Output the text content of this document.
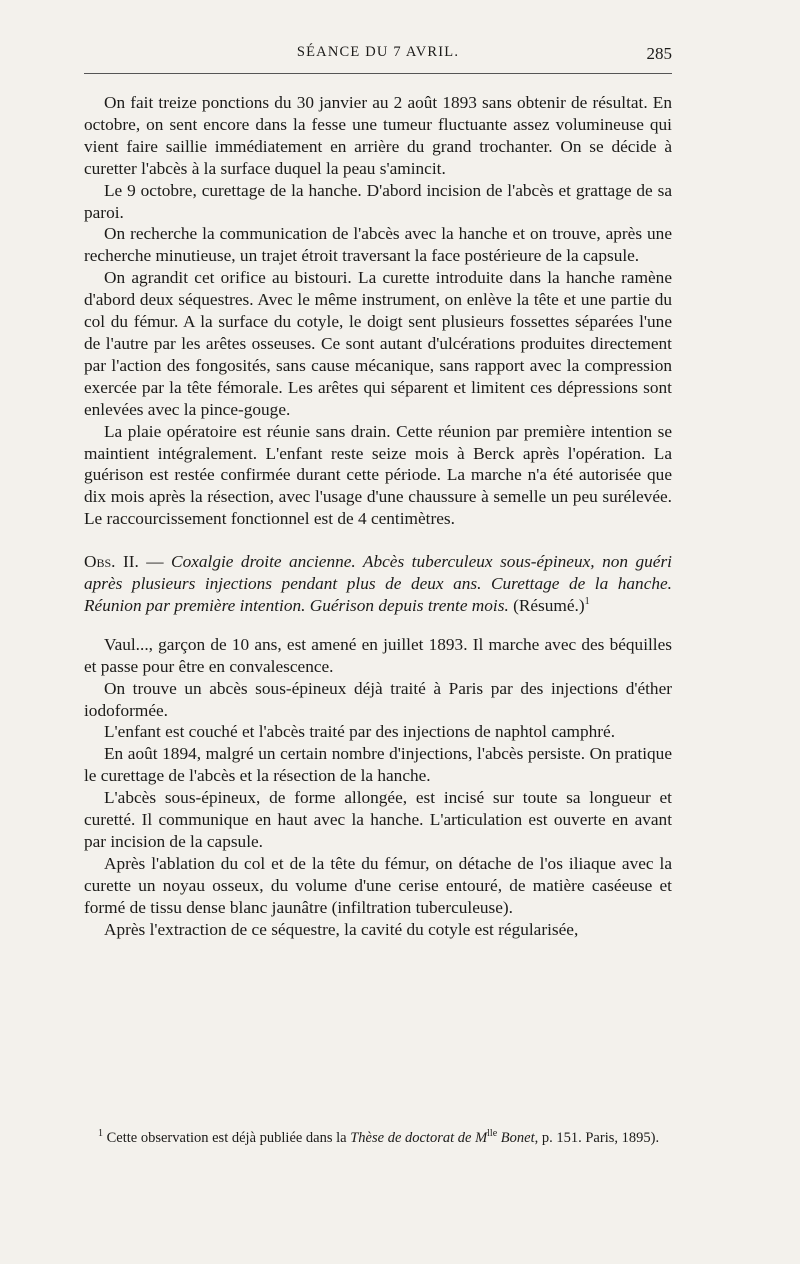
SÉANCE DU 7 AVRIL.	285

On fait treize ponctions du 30 janvier au 2 août 1893 sans obtenir de résultat. En octobre, on sent encore dans la fesse une tumeur fluctuante assez volumineuse qui vient faire saillie immédiatement en arrière du grand trochanter. On se décide à curetter l'abcès à la surface duquel la peau s'amincit.

Le 9 octobre, curettage de la hanche. D'abord incision de l'abcès et grattage de sa paroi.

On recherche la communication de l'abcès avec la hanche et on trouve, après une recherche minutieuse, un trajet étroit traversant la face postérieure de la capsule.

On agrandit cet orifice au bistouri. La curette introduite dans la hanche ramène d'abord deux séquestres. Avec le même instrument, on enlève la tête et une partie du col du fémur. A la surface du cotyle, le doigt sent plusieurs fossettes séparées l'une de l'autre par les arêtes osseuses. Ce sont autant d'ulcérations produites directement par l'action des fongosités, sans cause mécanique, sans rapport avec la compression exercée par la tête fémorale. Les arêtes qui séparent et limitent ces dépressions sont enlevées avec la pince-gouge.

La plaie opératoire est réunie sans drain. Cette réunion par première intention se maintient intégralement. L'enfant reste seize mois à Berck après l'opération. La guérison est restée confirmée durant cette période. La marche n'a été autorisée que dix mois après la résection, avec l'usage d'une chaussure à semelle un peu surélevée. Le raccourcissement fonctionnel est de 4 centimètres.

Obs. II. — Coxalgie droite ancienne. Abcès tuberculeux sous-épineux, non guéri après plusieurs injections pendant plus de deux ans. Curettage de la hanche. Réunion par première intention. Guérison depuis trente mois. (Résumé.)$^1$

Vaul..., garçon de 10 ans, est amené en juillet 1893. Il marche avec des béquilles et passe pour être en convalescence.

On trouve un abcès sous-épineux déjà traité à Paris par des injections d'éther iodoformée.

L'enfant est couché et l'abcès traité par des injections de naphtol camphré.

En août 1894, malgré un certain nombre d'injections, l'abcès persiste. On pratique le curettage de l'abcès et la résection de la hanche.

L'abcès sous-épineux, de forme allongée, est incisé sur toute sa longueur et curetté. Il communique en haut avec la hanche. L'articulation est ouverte en avant par incision de la capsule.

Après l'ablation du col et de la tête du fémur, on détache de l'os iliaque avec la curette un noyau osseux, du volume d'une cerise entouré, de matière caséeuse et formé de tissu dense blanc jaunâtre (infiltration tuberculeuse).

Après l'extraction de ce séquestre, la cavité du cotyle est régularisée,

$^1$ Cette observation est déjà publiée dans la Thèse de doctorat de $M^{lle}$ Bonet, p. 151. Paris, 1895).
